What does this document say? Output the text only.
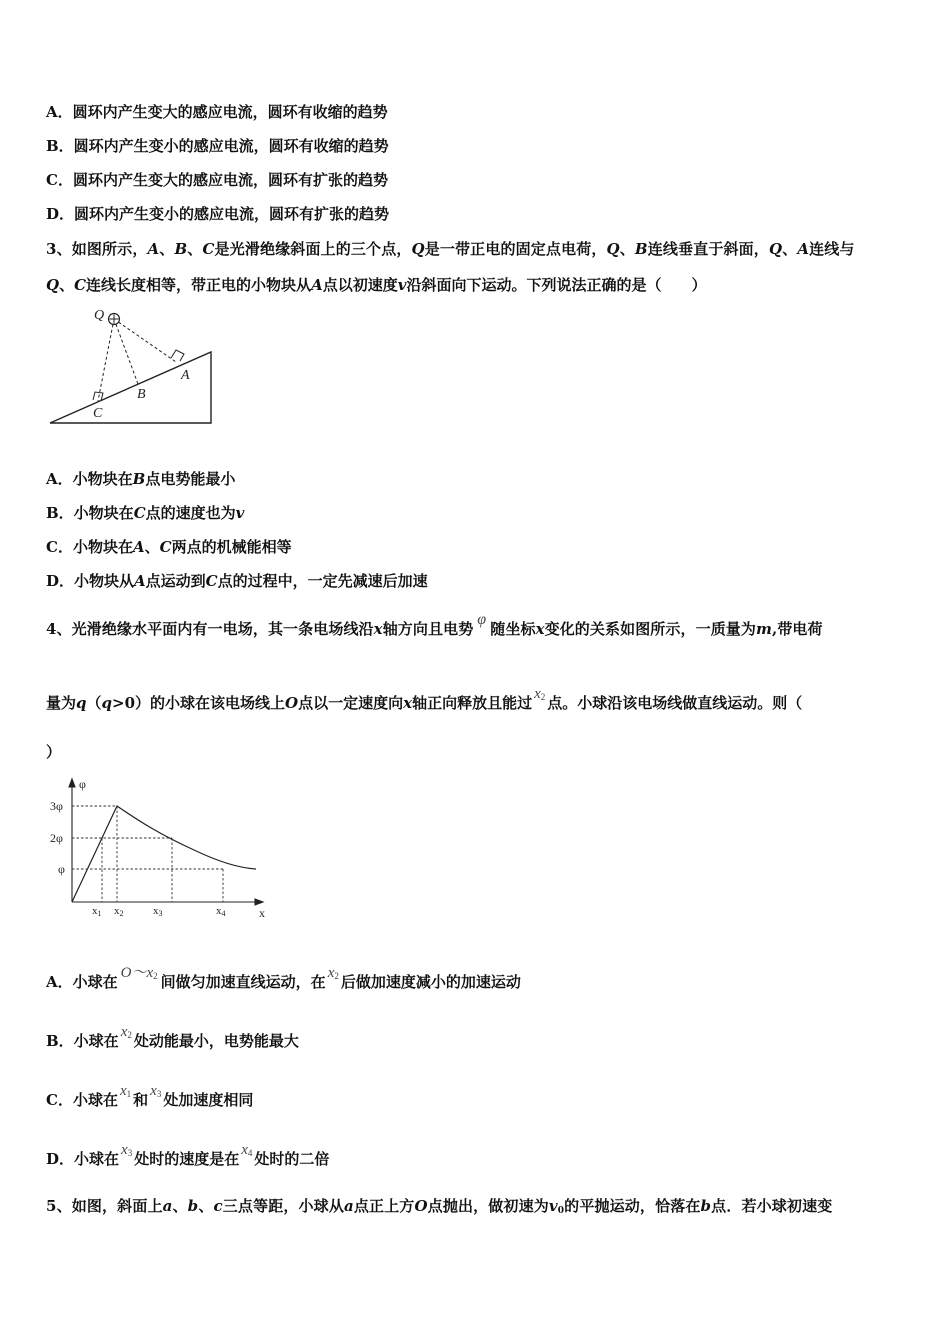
A．圆环内产生变大的感应电流，圆环有收缩的趋势
B．圆环内产生变小的感应电流，圆环有收缩的趋势
C．圆环内产生变大的感应电流，圆环有扩张的趋势
D．圆环内产生变小的感应电流，圆环有扩张的趋势
3、如图所示，A、B、C是光滑绝缘斜面上的三个点，Q是一带正电的固定点电荷，Q、B连线垂直于斜面，Q、A连线与
Q、C连线长度相等，带正电的小物块从A点以初速度v沿斜面向下运动。下列说法正确的是（　　）
Q
A
B
C
A．小物块在B点电势能最小
B．小物块在C点的速度也为v
C．小物块在A、C两点的机械能相等
D．小物块从A点运动到C点的过程中，一定先减速后加速
4、光滑绝缘水平面内有一电场，其一条电场线沿x轴方向且电势φ随坐标x变化的关系如图所示，一质量为m,带电荷
量为q（q>0）的小球在该电场线上O点以一定速度向x轴正向释放且能过 $x_2$ 点。小球沿该电场线做直线运动。则（
）
φ
x
3φ
2φ
φ
x1 x2	x3	x4
A．小球在 $O\sim x_2$ 间做匀加速直线运动，在 $x_2$ 后做加速度减小的加速运动
B．小球在 $x_2$ 处动能最小，电势能最大
C．小球在 $x_1$ 和 $x_3$ 处加速度相同
D．小球在 $x_3$ 处时的速度是在 $x_4$ 处时的二倍
5、如图，斜面上a、b、c三点等距，小球从a点正上方O点抛出，做初速为$v_0$的平抛运动，恰落在b点．若小球初速变
